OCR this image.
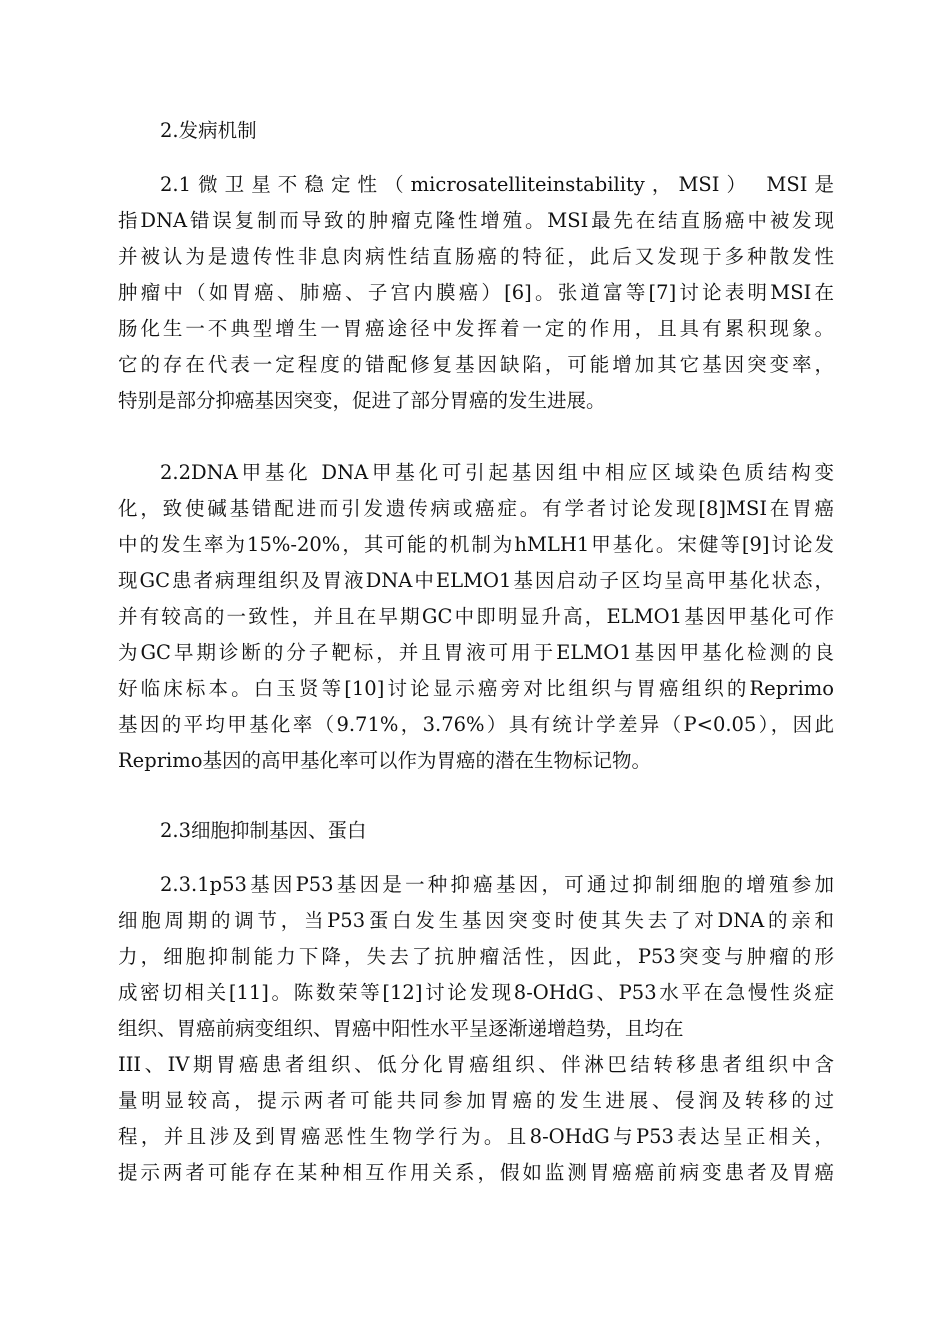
2.发病机制

2.1微卫星不稳定性（microsatelliteinstability，MSI） MSI是
指DNA错误复制而导致的肿瘤克隆性增殖。MSI最先在结直肠癌中被发现
并被认为是遗传性非息肉病性结直肠癌的特征，此后又发现于多种散发性
肿瘤中（如胃癌、肺癌、子宫内膜癌）[6]。张道富等[7]讨论表明MSI在
肠化生一不典型增生一胃癌途径中发挥着一定的作用，且具有累积现象。
它的存在代表一定程度的错配修复基因缺陷，可能增加其它基因突变率，
特别是部分抑癌基因突变，促进了部分胃癌的发生进展。
2.2DNA甲基化 DNA甲基化可引起基因组中相应区域染色质结构变
化，致使碱基错配进而引发遗传病或癌症。有学者讨论发现[8]MSI在胃癌
中的发生率为15%-20%，其可能的机制为hMLH1甲基化。宋健等[9]讨论发
现GC患者病理组织及胃液DNA中ELMO1基因启动子区均呈高甲基化状态，
并有较高的一致性，并且在早期GC中即明显升高，ELMO1基因甲基化可作
为GC早期诊断的分子靶标，并且胃液可用于ELMO1基因甲基化检测的良
好临床标本。白玉贤等[10]讨论显示癌旁对比组织与胃癌组织的Reprimo
基因的平均甲基化率（9.71%，3.76%）具有统计学差异（P<0.05），因此
Reprimo基因的高甲基化率可以作为胃癌的潜在生物标记物。

2.3细胞抑制基因、蛋白

2.3.1p53基因P53基因是一种抑癌基因，可通过抑制细胞的增殖参加
细胞周期的调节，当P53蛋白发生基因突变时使其失去了对DNA的亲和
力，细胞抑制能力下降，失去了抗肿瘤活性，因此，P53突变与肿瘤的形
成密切相关[11]。陈数荣等[12]讨论发现8-OHdG、P53水平在急慢性炎症
组织、胃癌前病变组织、胃癌中阳性水平呈逐渐递增趋势，且均在
III、IV期胃癌患者组织、低分化胃癌组织、伴淋巴结转移患者组织中含
量明显较高，提示两者可能共同参加胃癌的发生进展、侵润及转移的过
程，并且涉及到胃癌恶性生物学行为。且8-OHdG与P53表达呈正相关，
提示两者可能存在某种相互作用关系，假如监测胃癌癌前病变患者及胃癌
